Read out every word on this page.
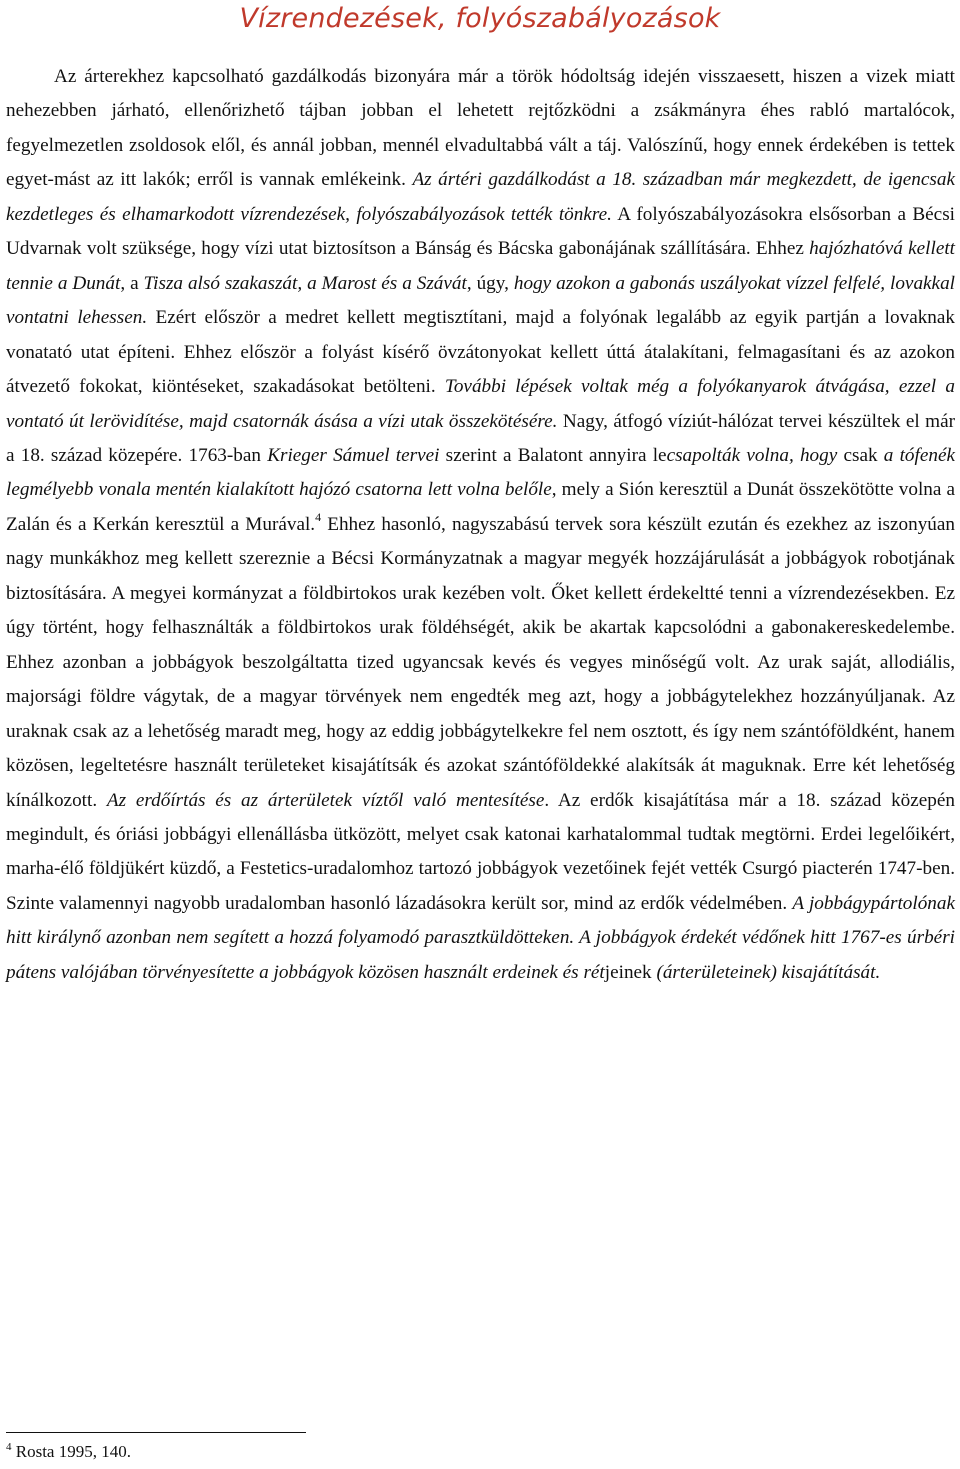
Vízrendezések, folyószabályozások

Az árterekhez kapcsolható gazdálkodás bizonyára már a török hódoltság idején visszaesett, hiszen a vizek miatt nehezebben járható, ellenőrizhető tájban jobban el lehetett rejtőzködni a zsákmányra éhes rabló martalócok, fegyelmezetlen zsoldosok elől, és annál jobban, mennél elvadultabbá vált a táj. Valószínű, hogy ennek érdekében is tettek egyet-mást az itt lakók; erről is vannak emlékeink. Az ártéri gazdálkodást a 18. században már megkezdett, de igencsak kezdetleges és elhamarkodott vízrendezések, folyószabályozások tették tönkre. A folyószabályozásokra elsősorban a Bécsi Udvarnak volt szüksége, hogy vízi utat biztosítson a Bánság és Bácska gabonájának szállítására. Ehhez hajózhatóvá kellett tennie a Dunát, a Tisza alsó szakaszát, a Marost és a Szávát, úgy, hogy azokon a gabonás uszályokat vízzel felfelé, lovakkal vontatni lehessen. Ezért először a medret kellett megtisztítani, majd a folyónak legalább az egyik partján a lovaknak vonatató utat építeni. Ehhez először a folyást kísérő övzátonyokat kellett úttá átalakítani, felmagasítani és az azokon átvezető fokokat, kiöntéseket, szakadásokat betölteni. További lépések voltak még a folyókanyarok átvágása, ezzel a vontató út lerövidítése, majd csatornák ásása a vízi utak összekötésére. Nagy, átfogó víziút-hálózat tervei készültek el már a 18. század közepére. 1763-ban Krieger Sámuel tervei szerint a Balatont annyira lecsapolták volna, hogy csak a tófenék legmélyebb vonala mentén kialakított hajózó csatorna lett volna belőle, mely a Sión keresztül a Dunát összekötötte volna a Zalán és a Kerkán keresztül a Murával.$^4$ Ehhez hasonló, nagyszabású tervek sora készült ezután és ezekhez az iszonyúan nagy munkákhoz meg kellett szereznie a Bécsi Kormányzatnak a magyar megyék hozzájárulását a jobbágyok robotjának biztosítására. A megyei kormányzat a földbirtokos urak kezében volt. Őket kellett érdekeltté tenni a vízrendezésekben. Ez úgy történt, hogy felhasználták a földbirtokos urak földéhségét, akik be akartak kapcsolódni a gabonakereskedelembe. Ehhez azonban a jobbágyok beszolgáltatta tized ugyancsak kevés és vegyes minőségű volt. Az urak saját, allodiális, majorsági földre vágytak, de a magyar törvények nem engedték meg azt, hogy a jobbágytelekhez hozzányúljanak. Az uraknak csak az a lehetőség maradt meg, hogy az eddig jobbágytelkekre fel nem osztott, és így nem szántóföldként, hanem közösen, legeltetésre használt területeket kisajátítsák és azokat szántóföldekké alakítsák át maguknak. Erre két lehetőség kínálkozott. Az erdőírtás és az árterületek víztől való mentesítése. Az erdők kisajátítása már a 18. század közepén megindult, és óriási jobbágyi ellenállásba ütközött, melyet csak katonai karhatalommal tudtak megtörni. Erdei legelőikért, marha-élő földjükért küzdő, a Festetics-uradalomhoz tartozó jobbágyok vezetőinek fejét vették Csurgó piacterén 1747-ben. Szinte valamennyi nagyobb uradalomban hasonló lázadásokra került sor, mind az erdők védelmében. A jobbágypártolónak hitt királynő azonban nem segített a hozzá folyamodó parasztküldötteken. A jobbágyok érdekét védőnek hitt 1767-es úrbéri pátens valójában törvényesítette a jobbágyok közösen használt erdeinek és rétjeinek (árterületeinek) kisajátítását.

$^4$ Rosta 1995, 140.
